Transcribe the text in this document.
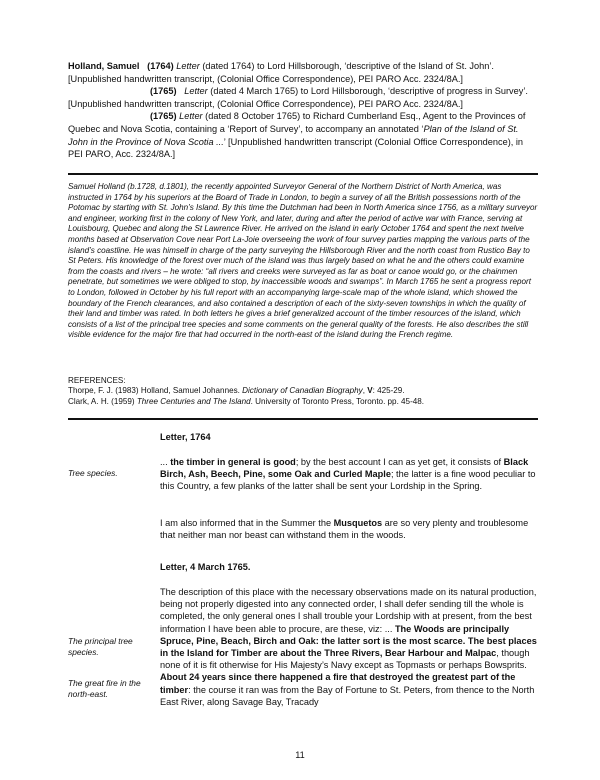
Holland, Samuel (1764) Letter (dated 1764) to Lord Hillsborough, ‘descriptive of the Island of St. John’. [Unpublished handwritten transcript, (Colonial Office Correspondence), PEI PARO Acc. 2324/8A.]

(1765) Letter (dated 4 March 1765) to Lord Hillsborough, ‘descriptive of progress in Survey’. [Unpublished handwritten transcript, (Colonial Office Correspondence), PEI PARO Acc. 2324/8A.]

(1765) Letter (dated 8 October 1765) to Richard Cumberland Esq., Agent to the Provinces of Quebec and Nova Scotia, containing a ‘Report of Survey’, to accompany an annotated ‘Plan of the Island of St. John in the Province of Nova Scotia ...’ [Unpublished handwritten transcript (Colonial Office Correspondence), in PEI PARO, Acc. 2324/8A.]

Samuel Holland (b.1728, d.1801), the recently appointed Surveyor General of the Northern District of North America, was instructed in 1764 by his superiors at the Board of Trade in London, to begin a survey of all the British possessions north of the Potomac by starting with St. John’s Island. By this time the Dutchman had been in North America since 1756, as a military surveyor and engineer, working first in the colony of New York, and later, during and after the period of active war with France, serving at Louisbourg, Quebec and along the St Lawrence River. He arrived on the island in early October 1764 and spent the next twelve months based at Observation Cove near Port La-Joie overseeing the work of four survey parties mapping the various parts of the island’s coastline. He was himself in charge of the party surveying the Hillsborough River and the north coast from Rustico Bay to St Peters. His knowledge of the forest over much of the island was thus largely based on what he and the others could examine from the coasts and rivers – he wrote: “all rivers and creeks were surveyed as far as boat or canoe would go, or the chainmen penetrate, but sometimes we were obliged to stop, by inaccessible woods and swamps”. In March 1765 he sent a progress report to London, followed in October by his full report with an accompanying large-scale map of the whole island, which showed the boundary of the French clearances, and also contained a description of each of the sixty-seven townships in which the quality of their land and timber was rated. In both letters he gives a brief generalized account of the timber resources of the island, which consists of a list of the principal tree species and some comments on the general quality of the forests. He also describes the still visible evidence for the major fire that had occurred in the north-east of the island during the French regime.

REFERENCES:

Thorpe, F. J. (1983) Holland, Samuel Johannes. Dictionary of Canadian Biography, V: 425-29.

Clark, A. H. (1959) Three Centuries and The Island. University of Toronto Press, Toronto. pp. 45-48.

Letter, 1764

Tree species.

... the timber in general is good; by the best account I can as yet get, it consists of Black Birch, Ash, Beech, Pine, some Oak and Curled Maple; the latter is a fine wood peculiar to this Country, a few planks of the latter shall be sent your Lordship in the Spring.

I am also informed that in the Summer the Musquetos are so very plenty and troublesome that neither man nor beast can withstand them in the woods.

Letter, 4 March 1765.

The principal tree species.
The great fire in the north-east.

The description of this place with the necessary observations made on its natural production, being not properly digested into any connected order, I shall defer sending till the whole is completed, the only general ones I shall trouble your Lordship with at present, from the best information I have been able to procure, are these, viz: ... The Woods are principally Spruce, Pine, Beach, Birch and Oak: the latter sort is the most scarce. The best places in the Island for Timber are about the Three Rivers, Bear Harbour and Malpac, though none of it is fit otherwise for His Majesty’s Navy except as Topmasts or perhaps Bowsprits. About 24 years since there happened a fire that destroyed the greatest part of the timber: the course it ran was from the Bay of Fortune to St. Peters, from thence to the North East River, along Savage Bay, Tracady

11
